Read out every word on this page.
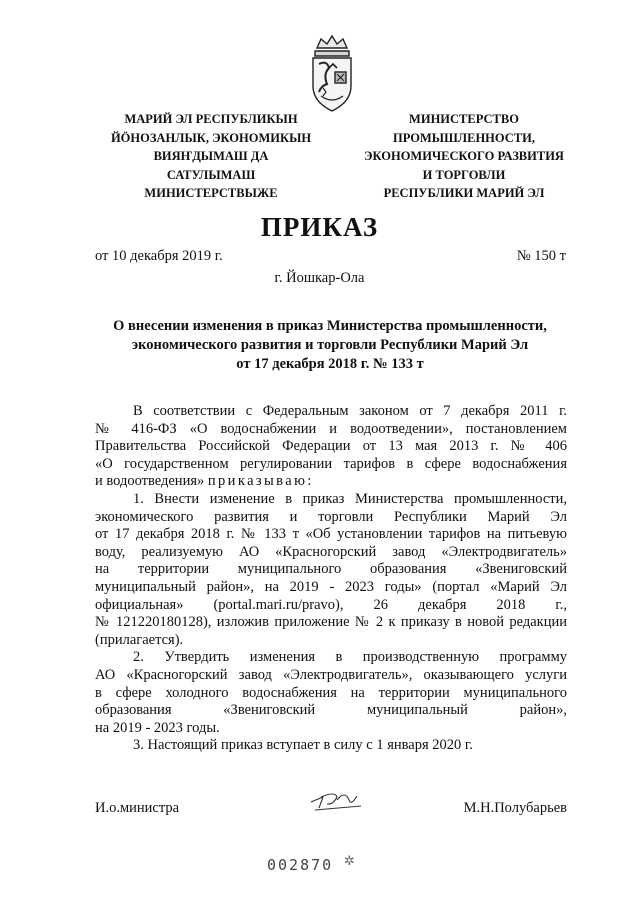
МАРИЙ ЭЛ РЕСПУБЛИКЫН
ЙӦНОЗАНЛЫК, ЭКОНОМИКЫН
ВИЯҤДЫМАШ ДА
САТУЛЫМАШ
МИНИСТЕРСТВЫЖЕ
МИНИСТЕРСТВО
ПРОМЫШЛЕННОСТИ,
ЭКОНОМИЧЕСКОГО РАЗВИТИЯ
И ТОРГОВЛИ
РЕСПУБЛИКИ МАРИЙ ЭЛ
ПРИКАЗ
от 10 декабря 2019 г.	№ 150 т
г. Йошкар-Ола
О внесении изменения в приказ Министерства промышленности,
экономического развития и торговли Республики Марий Эл
от 17 декабря 2018 г. № 133 т
В соответствии с Федеральным законом от 7 декабря 2011 г.
№ 416-ФЗ «О водоснабжении и водоотведении», постановлением
Правительства Российской Федерации от 13 мая 2013 г. № 406
«О государственном регулировании тарифов в сфере водоснабжения
и водоотведения» приказываю:
1. Внести изменение в приказ Министерства промышленности,
экономического развития и торговли Республики Марий Эл
от 17 декабря 2018 г. № 133 т «Об установлении тарифов на питьевую
воду, реализуемую АО «Красногорский завод «Электродвигатель»
на территории муниципального образования «Звениговский
муниципальный район», на 2019 - 2023 годы» (портал «Марий Эл
официальная» (portal.mari.ru/pravo), 26 декабря 2018 г.,
№ 121220180128), изложив приложение № 2 к приказу в новой редакции
(прилагается).
2. Утвердить изменения в производственную программу
АО «Красногорский завод «Электродвигатель», оказывающего услуги
в сфере холодного водоснабжения на территории муниципального
образования «Звениговский муниципальный район»,
на 2019 - 2023 годы.
3. Настоящий приказ вступает в силу с 1 января 2020 г.
И.о.министра	М.Н.Полубарьев
002870 ✲
